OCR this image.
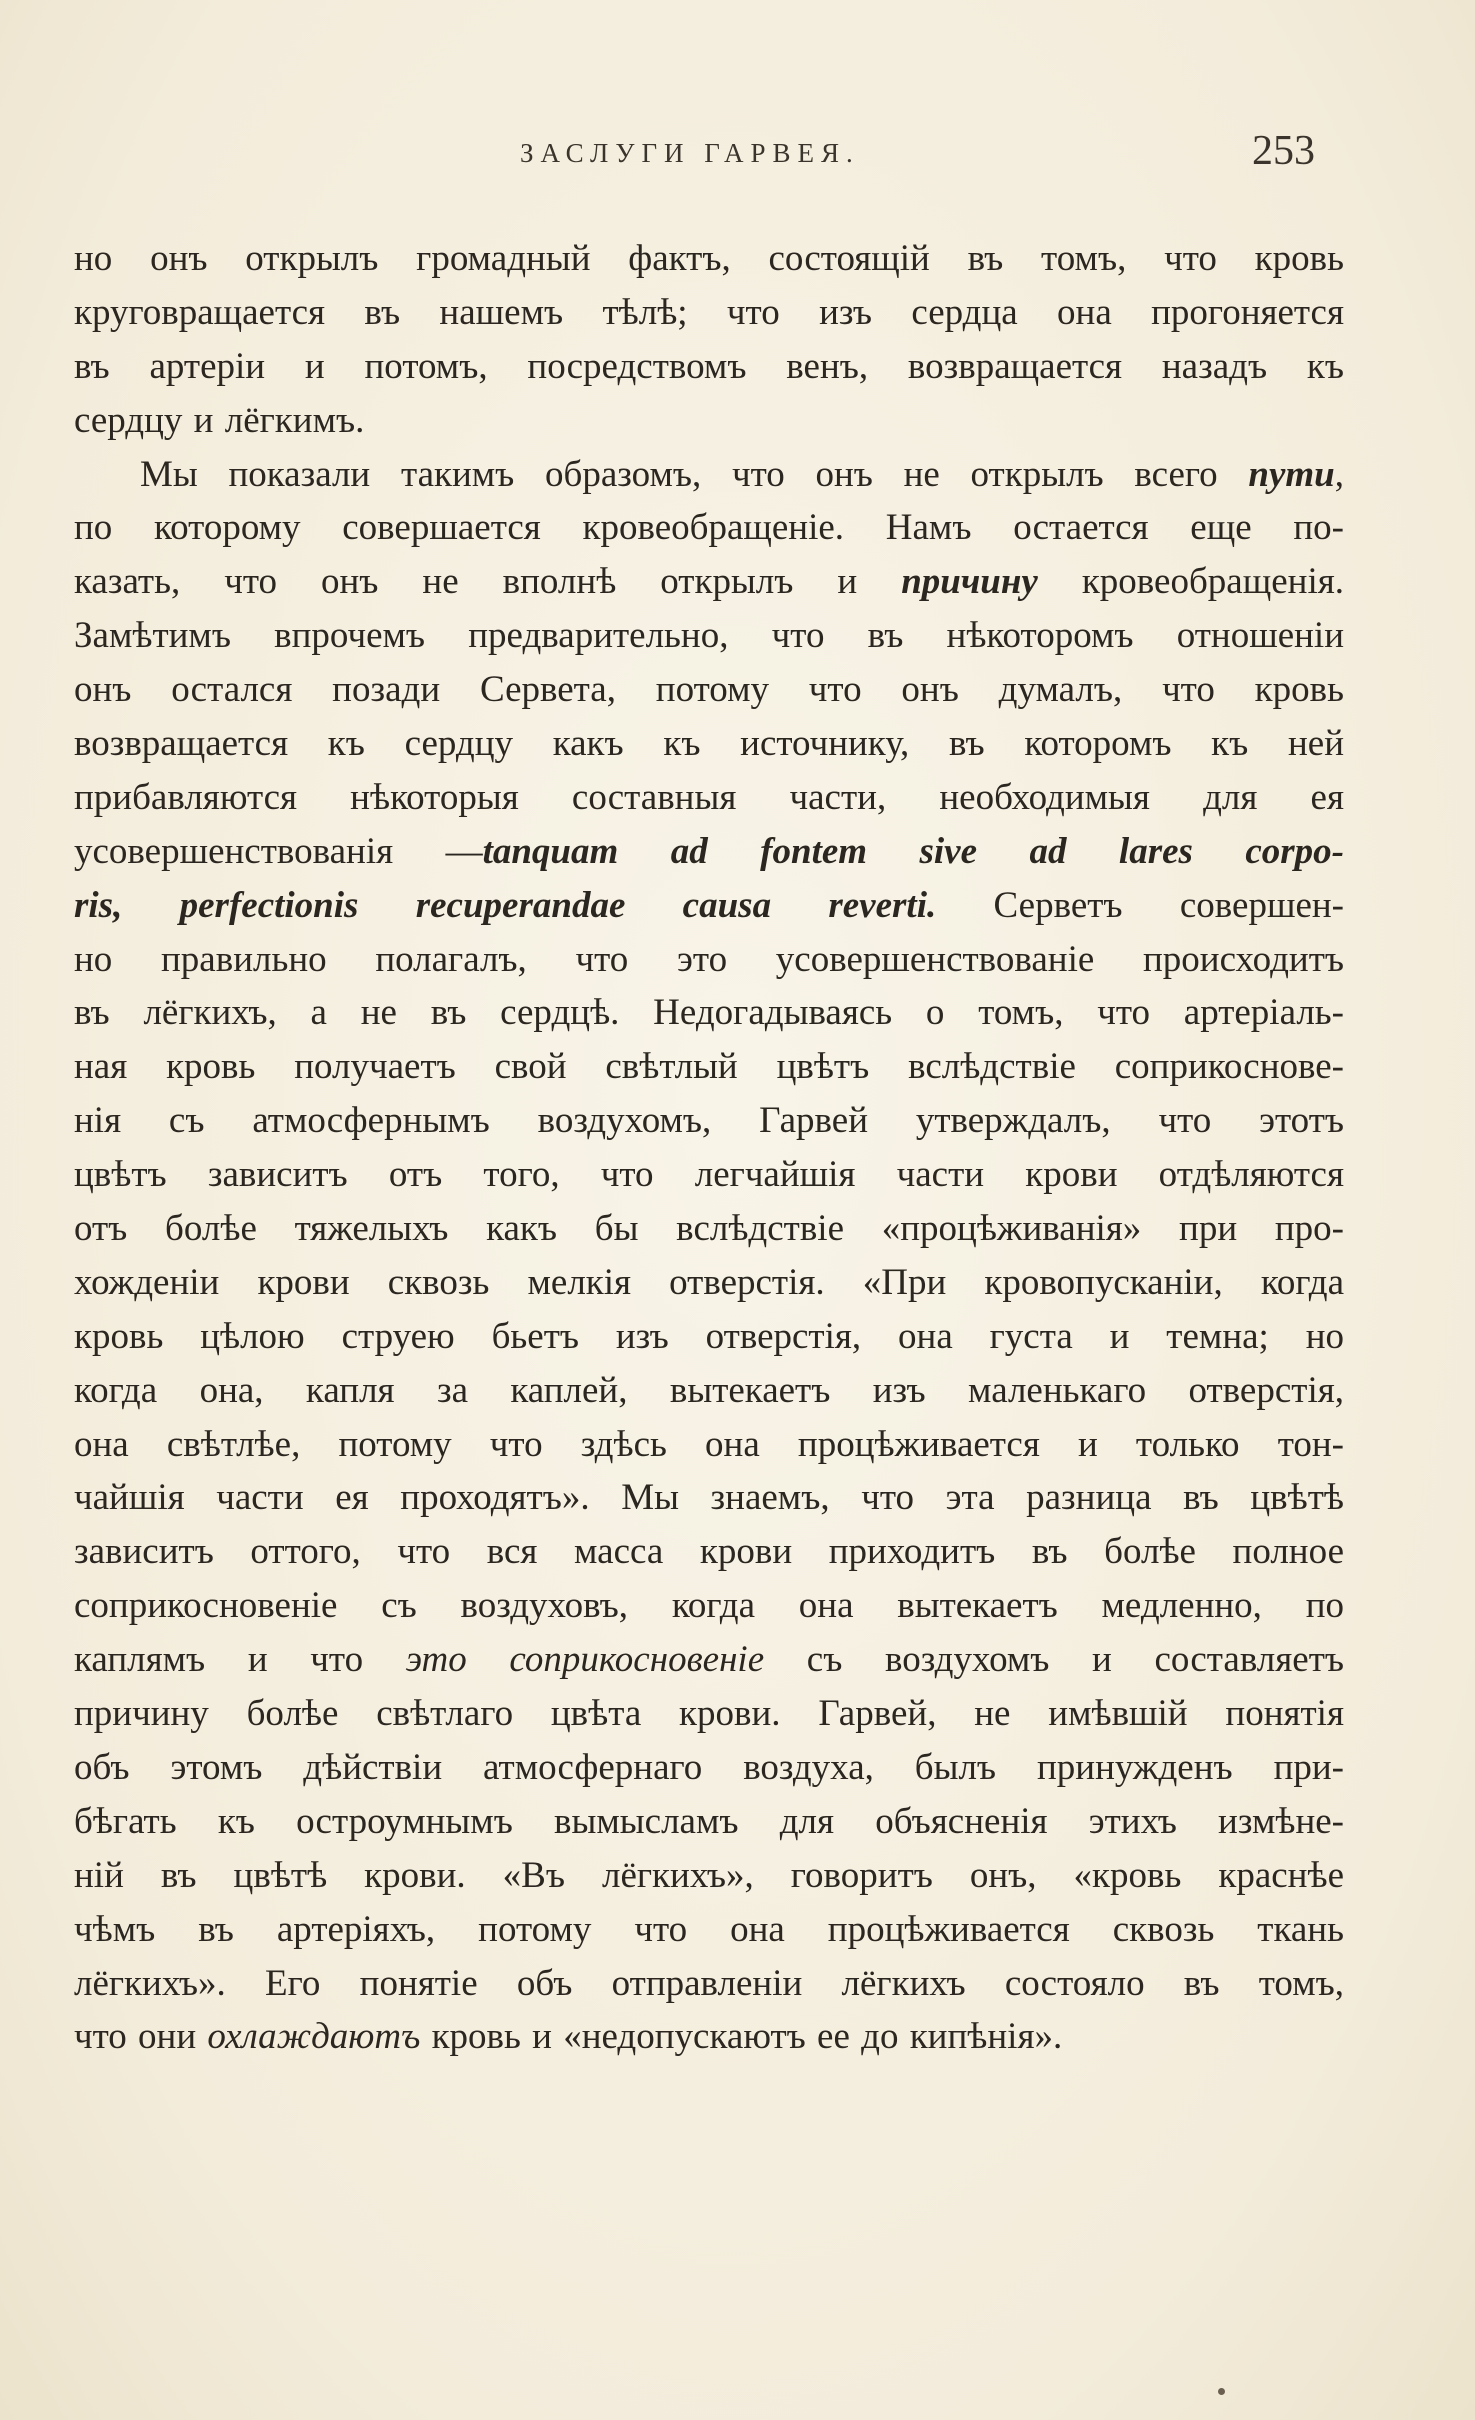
ЗАСЛУГИ ГАРВЕЯ.	253
но онъ открылъ громадный фактъ, состоящій въ томъ, что кровь
круговращается въ нашемъ тѣлѣ; что изъ сердца она прогоняется
въ артеріи и потомъ, посредствомъ венъ, возвращается назадъ къ
сердцу и лёгкимъ.
Мы показали такимъ образомъ, что онъ не открылъ всего пути,
по которому совершается кровеобращеніе. Намъ остается еще по-
казать, что онъ не вполнѣ открылъ и причину кровеобращенія.
Замѣтимъ впрочемъ предварительно, что въ нѣкоторомъ отношеніи
онъ остался позади Сервета, потому что онъ думалъ, что кровь
возвращается къ сердцу какъ къ источнику, въ которомъ къ ней
прибавляются нѣкоторыя составныя части, необходимыя для ея
усовершенствованія —tanquam ad fontem sive ad lares corpo-
ris, perfectionis recuperandae causa reverti. Серветъ совершен-
но правильно полагалъ, что это усовершенствованіе происходитъ
въ лёгкихъ, а не въ сердцѣ. Недогадываясь о томъ, что артеріаль-
ная кровь получаетъ свой свѣтлый цвѣтъ вслѣдствіе соприкоснове-
нія съ атмосфернымъ воздухомъ, Гарвей утверждалъ, что этотъ
цвѣтъ зависитъ отъ того, что легчайшія части крови отдѣляются
отъ болѣе тяжелыхъ какъ бы вслѣдствіе «процѣживанія» при про-
хожденіи крови сквозь мелкія отверстія. «При кровопусканіи, когда
кровь цѣлою струею бьетъ изъ отверстія, она густа и темна; но
когда она, капля за каплей, вытекаетъ изъ маленькаго отверстія,
она свѣтлѣе, потому что здѣсь она процѣживается и только тон-
чайшія части ея проходятъ». Мы знаемъ, что эта разница въ цвѣтѣ
зависитъ оттого, что вся масса крови приходитъ въ болѣе полное
соприкосновеніе съ воздуховъ, когда она вытекаетъ медленно, по
каплямъ и что это соприкосновеніе съ воздухомъ и составляетъ
причину болѣе свѣтлаго цвѣта крови. Гарвей, не имѣвшій понятія
объ этомъ дѣйствіи атмосфернаго воздуха, былъ принужденъ при-
бѣгать къ остроумнымъ вымысламъ для объясненія этихъ измѣне-
ній въ цвѣтѣ крови. «Въ лёгкихъ», говоритъ онъ, «кровь краснѣе
чѣмъ въ артеріяхъ, потому что она процѣживается сквозь ткань
лёгкихъ». Его понятіе объ отправленіи лёгкихъ состояло въ томъ,
что они охлаждаютъ кровь и «недопускаютъ ее до кипѣнія».
